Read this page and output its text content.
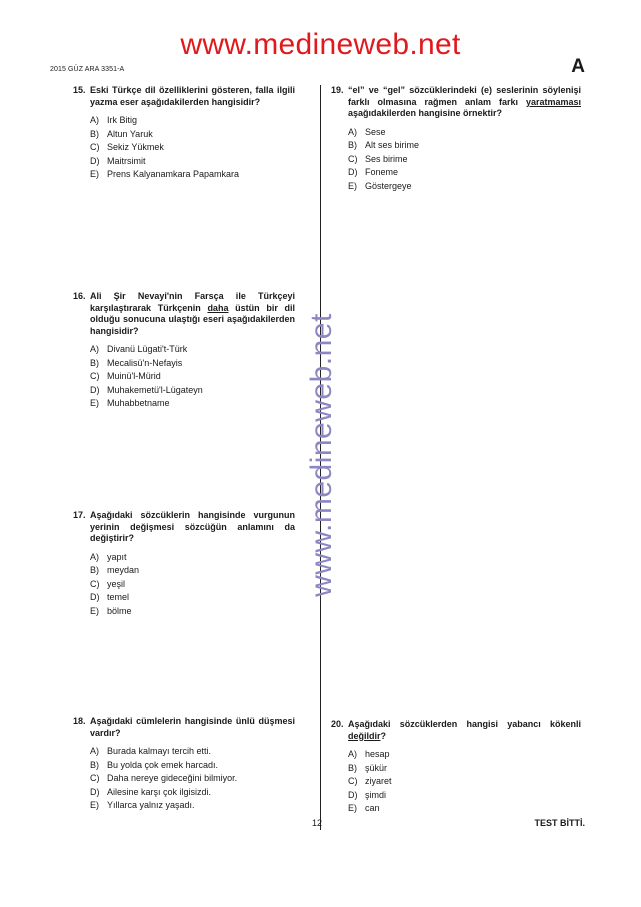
2015 GÜZ ARA 3351-A
www.medineweb.net
A
www.medineweb.net
15. Eski Türkçe dil özelliklerini gösteren, falla ilgili yazma eser aşağıdakilerden hangisidir?
A) Irk Bitig
B) Altun Yaruk
C) Sekiz Yükmek
D) Maitrsimit
E) Prens Kalyanamkara Papamkara
16. Ali Şir Nevayi'nin Farsça ile Türkçeyi karşılaştırarak Türkçenin daha üstün bir dil olduğu sonucuna ulaştığı eseri aşağıdakilerden hangisidir?
A) Divanü Lügati't-Türk
B) Mecalisü'n-Nefayis
C) Muinü'l-Mürid
D) Muhakemetü'l-Lügateyn
E) Muhabbetname
17. Aşağıdaki sözcüklerin hangisinde vurgunun yerinin değişmesi sözcüğün anlamını da değiştirir?
A) yapıt
B) meydan
C) yeşil
D) temel
E) bölme
18. Aşağıdaki cümlelerin hangisinde ünlü düşmesi vardır?
A) Burada kalmayı tercih etti.
B) Bu yolda çok emek harcadı.
C) Daha nereye gideceğini bilmiyor.
D) Ailesine karşı çok ilgisizdi.
E) Yıllarca yalnız yaşadı.
19. “el” ve “gel” sözcüklerindeki (e) seslerinin söylenişi farklı olmasına rağmen anlam farkı yaratmaması aşağıdakilerden hangisine örnektir?
A) Sese
B) Alt ses birime
C) Ses birime
D) Foneme
E) Göstergeye
20. Aşağıdaki sözcüklerden hangisi yabancı kökenli değildir?
A) hesap
B) şükür
C) ziyaret
D) şimdi
E) can
12	TEST BİTTİ.
